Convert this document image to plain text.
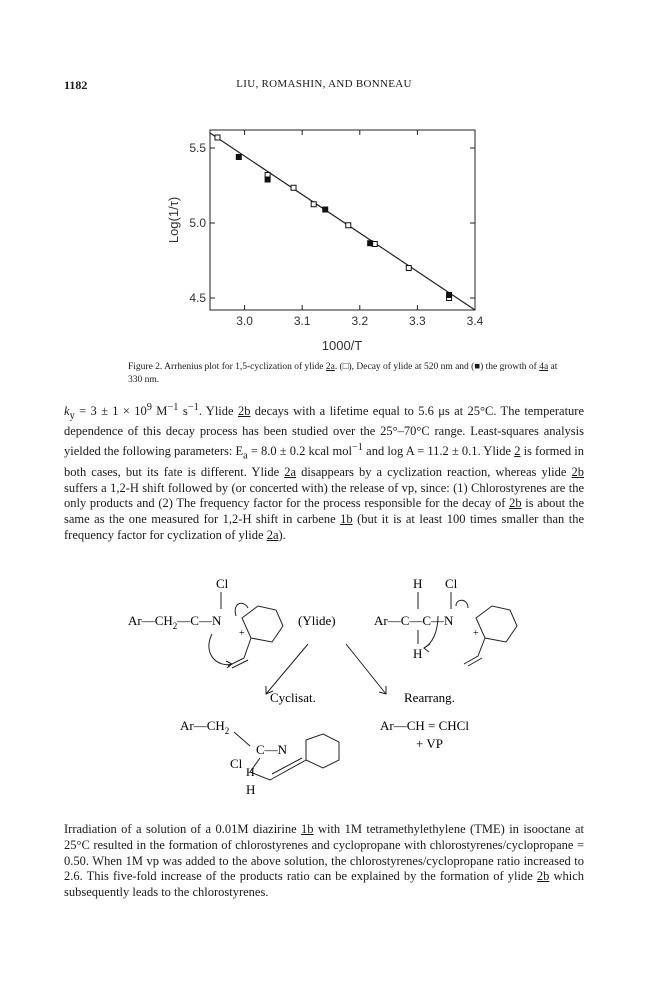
1182	LIU, ROMASHIN, AND BONNEAU
3.0	3.1	3.2	3.3	3.4
4.5
5.0
5.5
1000/T
Log(1/τ)
Figure 2. Arrhenius plot for 1,5-cyclization of ylide 2a. (□), Decay of ylide at 520 nm and (■) the growth of 4a at 330 nm.
$k_y = 3 \pm 1 \times 10^9$ $M^{-1}$ $s^{-1}$. Ylide 2b decays with a lifetime equal to 5.6 μs at 25°C. The temperature dependence of this decay process has been studied over the 25°–70°C range. Least-squares analysis yielded the following parameters: $E_a = 8.0 \pm 0.2$ kcal mol$^{-1}$ and log A = 11.2 ± 0.1. Ylide 2 is formed in both cases, but its fate is different. Ylide 2a disappears by a cyclization reaction, whereas ylide 2b suffers a 1,2-H shift followed by (or concerted with) the release of vp, since: (1) Chlorostyrenes are the only products and (2) The frequency factor for the process responsible for the decay of 2b is about the same as the one measured for 1,2-H shift in carbene 1b (but it is at least 100 times smaller than the frequency factor for cyclization of ylide 2a).
Cl
$Ar—CH_2—C—N$
+
(Ylide)
H Cl
Ar—C—C—N
+
H
Cyclisat.	Rearrang.
$Ar—CH_2$
C—N
Cl
H
H
Ar—CH = CHCl
+ VP
Irradiation of a solution of a 0.01M diazirine 1b with 1M tetramethylethylene (TME) in isooctane at 25°C resulted in the formation of chlorostyrenes and cyclopropane with chlorostyrenes/cyclopropane = 0.50. When 1M vp was added to the above solution, the chlorostyrenes/cyclopropane ratio increased to 2.6. This five-fold increase of the products ratio can be explained by the formation of ylide 2b which subsequently leads to the chlorostyrenes.
